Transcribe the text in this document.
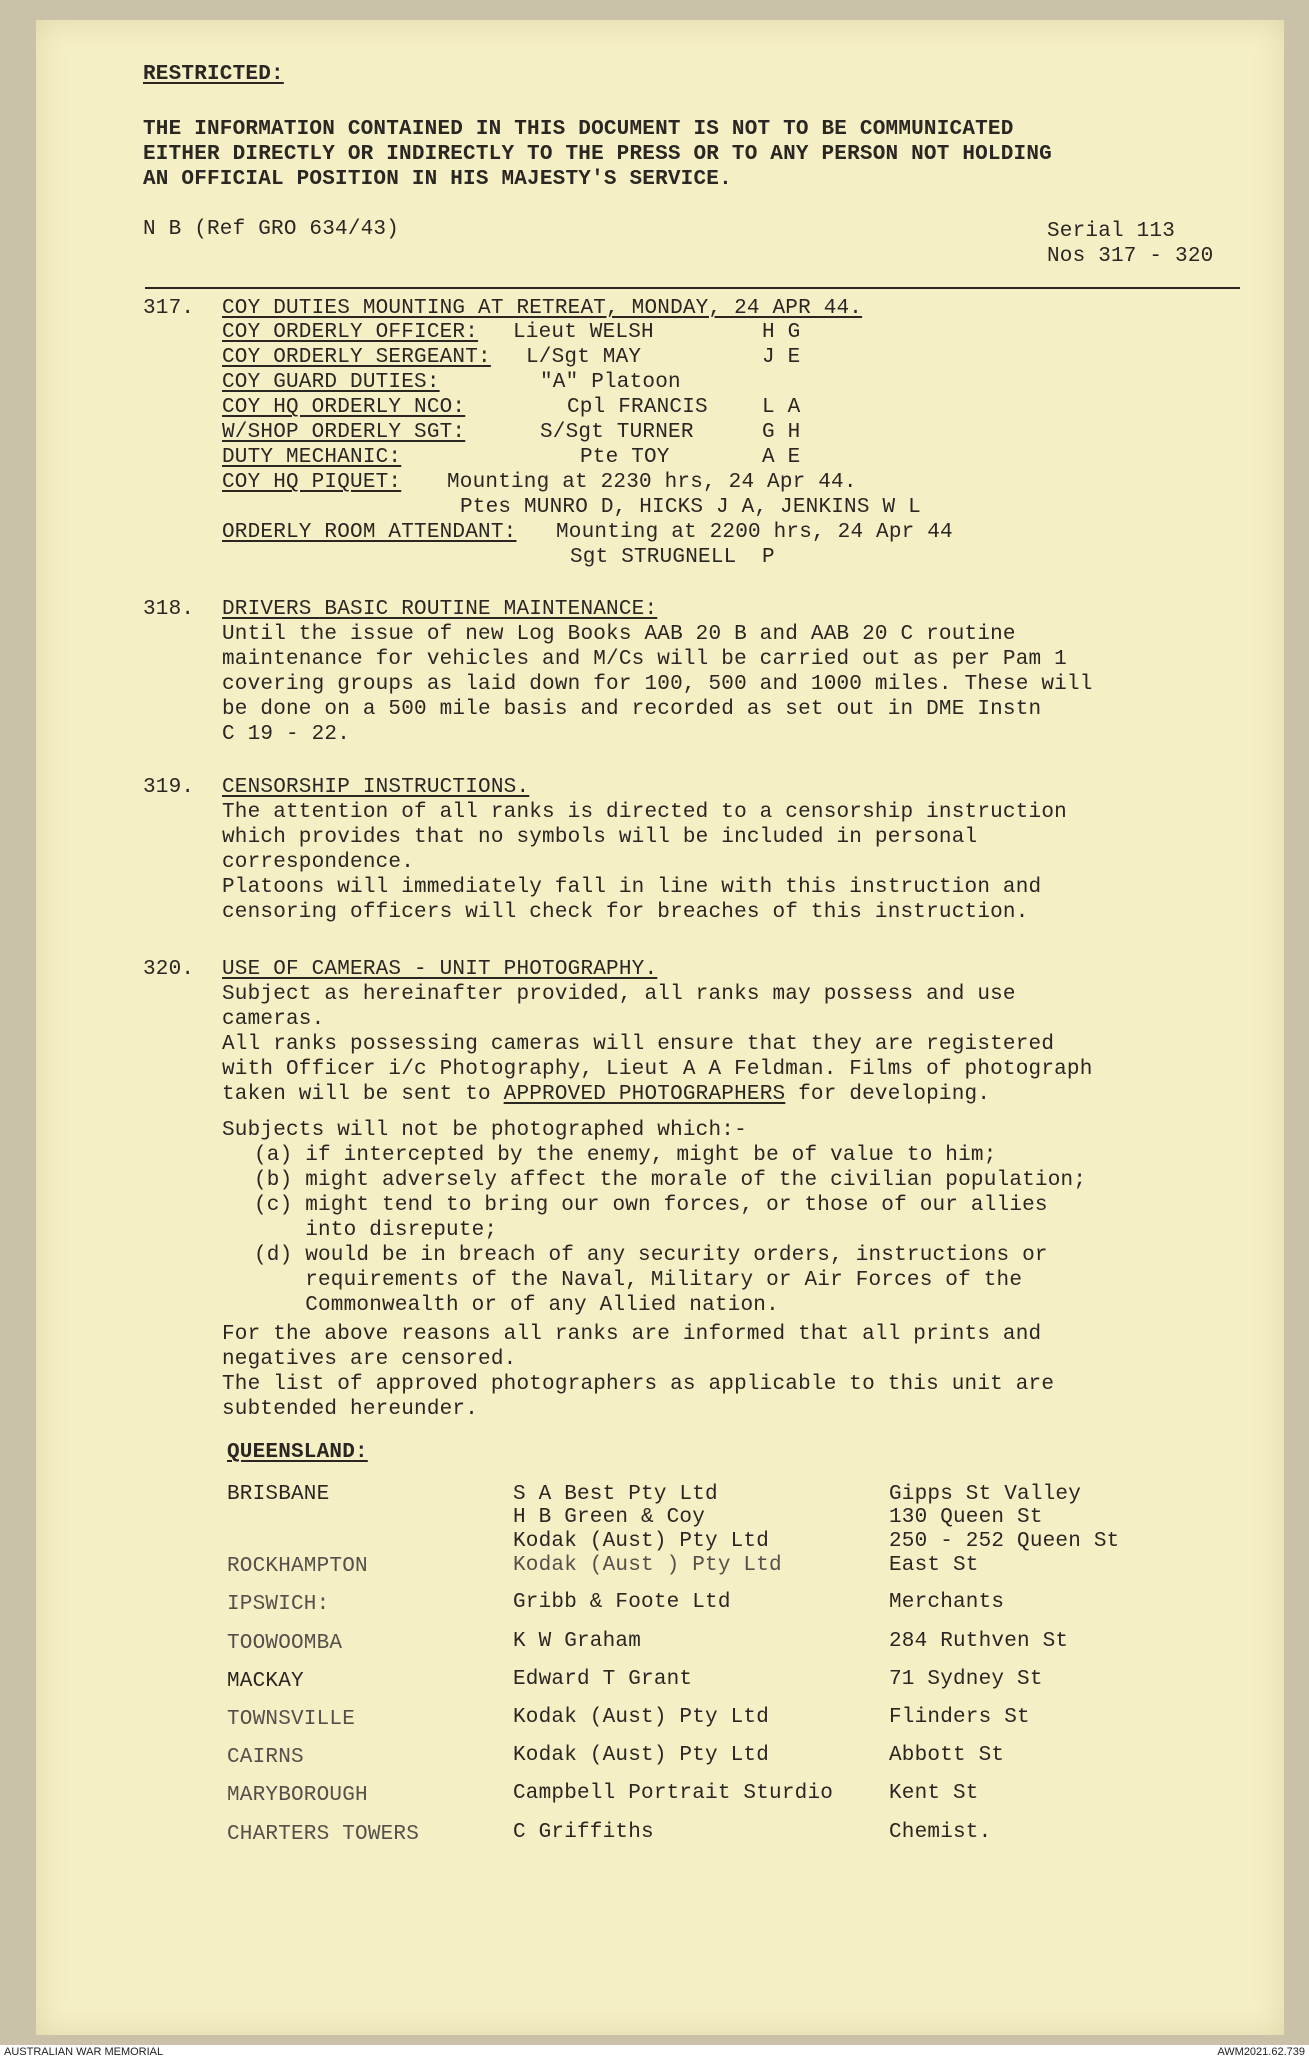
RESTRICTED:
THE INFORMATION CONTAINED IN THIS DOCUMENT IS NOT TO BE COMMUNICATED
EITHER DIRECTLY OR INDIRECTLY TO THE PRESS OR TO ANY PERSON NOT HOLDING
AN OFFICIAL POSITION IN HIS MAJESTY'S SERVICE.
N B (Ref GRO 634/43)	Serial 113
Nos 317 - 320
317. COY DUTIES MOUNTING AT RETREAT, MONDAY, 24 APR 44.
COY ORDERLY OFFICER: Lieut WELSH	H G
COY ORDERLY SERGEANT: L/Sgt MAY	J E
COY GUARD DUTIES:	"A" Platoon
COY HQ ORDERLY NCO:	Cpl FRANCIS	L A
W/SHOP ORDERLY SGT:	S/Sgt TURNER	G H
DUTY MECHANIC:	Pte TOY	A E
COY HQ PIQUET: Mounting at 2230 hrs, 24 Apr 44.
Ptes MUNRO D, HICKS J A, JENKINS W L
ORDERLY ROOM ATTENDANT: Mounting at 2200 hrs, 24 Apr 44
Sgt STRUGNELL  P
318. DRIVERS BASIC ROUTINE MAINTENANCE:
Until the issue of new Log Books AAB 20 B and AAB 20 C routine
maintenance for vehicles and M/Cs will be carried out as per Pam 1
covering groups as laid down for 100, 500 and 1000 miles. These will
be done on a 500 mile basis and recorded as set out in DME Instn
C 19 - 22.
319. CENSORSHIP INSTRUCTIONS.
The attention of all ranks is directed to a censorship instruction
which provides that no symbols will be included in personal
correspondence.
Platoons will immediately fall in line with this instruction and
censoring officers will check for breaches of this instruction.
320. USE OF CAMERAS - UNIT PHOTOGRAPHY.
Subject as hereinafter provided, all ranks may possess and use
cameras.
All ranks possessing cameras will ensure that they are registered
with Officer i/c Photography, Lieut A A Feldman. Films of photograph
taken will be sent to APPROVED PHOTOGRAPHERS for developing.
Subjects will not be photographed which:-
(a) if intercepted by the enemy, might be of value to him;
(b) might adversely affect the morale of the civilian population;
(c) might tend to bring our own forces, or those of our allies
into disrepute;
(d) would be in breach of any security orders, instructions or
requirements of the Naval, Military or Air Forces of the
Commonwealth or of any Allied nation.
For the above reasons all ranks are informed that all prints and
negatives are censored.
The list of approved photographers as applicable to this unit are
subtended hereunder.
QUEENSLAND:
BRISBANE	S A Best Pty Ltd	Gipps St Valley
H B Green & Coy	130 Queen St
Kodak (Aust) Pty Ltd	250 - 252 Queen St
ROCKHAMPTON	Kodak (Aust ) Pty Ltd	East St
IPSWICH:	Gribb & Foote Ltd	Merchants
TOOWOOMBA	K W Graham	284 Ruthven St
MACKAY	Edward T Grant	71 Sydney St
TOWNSVILLE	Kodak (Aust) Pty Ltd	Flinders St
CAIRNS	Kodak (Aust) Pty Ltd	Abbott St
MARYBOROUGH	Campbell Portrait Sturdio	Kent St
CHARTERS TOWERS	C Griffiths	Chemist.
AUSTRALIAN WAR MEMORIAL	AWM2021.62.739
